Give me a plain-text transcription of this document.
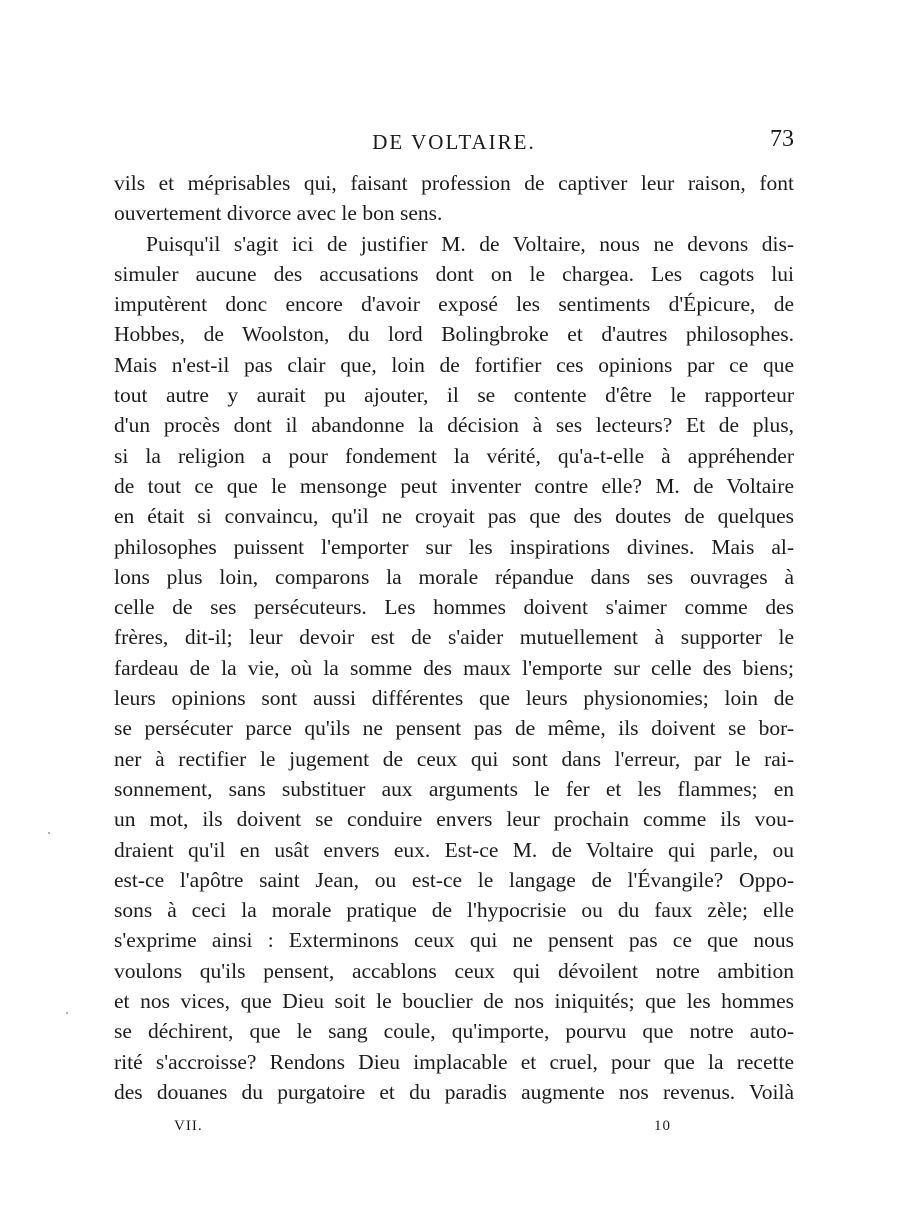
DE VOLTAIRE.	73
vils et méprisables qui, faisant profession de captiver leur raison, font
ouvertement divorce avec le bon sens.
Puisqu'il s'agit ici de justifier M. de Voltaire, nous ne devons dis-
simuler aucune des accusations dont on le chargea. Les cagots lui
imputèrent donc encore d'avoir exposé les sentiments d'Épicure, de
Hobbes, de Woolston, du lord Bolingbroke et d'autres philosophes.
Mais n'est-il pas clair que, loin de fortifier ces opinions par ce que
tout autre y aurait pu ajouter, il se contente d'être le rapporteur
d'un procès dont il abandonne la décision à ses lecteurs? Et de plus,
si la religion a pour fondement la vérité, qu'a-t-elle à appréhender
de tout ce que le mensonge peut inventer contre elle? M. de Voltaire
en était si convaincu, qu'il ne croyait pas que des doutes de quelques
philosophes puissent l'emporter sur les inspirations divines. Mais al-
lons plus loin, comparons la morale répandue dans ses ouvrages à
celle de ses persécuteurs. Les hommes doivent s'aimer comme des
frères, dit-il; leur devoir est de s'aider mutuellement à supporter le
fardeau de la vie, où la somme des maux l'emporte sur celle des biens;
leurs opinions sont aussi différentes que leurs physionomies; loin de
se persécuter parce qu'ils ne pensent pas de même, ils doivent se bor-
ner à rectifier le jugement de ceux qui sont dans l'erreur, par le rai-
sonnement, sans substituer aux arguments le fer et les flammes; en
un mot, ils doivent se conduire envers leur prochain comme ils vou-
draient qu'il en usât envers eux. Est-ce M. de Voltaire qui parle, ou
est-ce l'apôtre saint Jean, ou est-ce le langage de l'Évangile? Oppo-
sons à ceci la morale pratique de l'hypocrisie ou du faux zèle; elle
s'exprime ainsi : Exterminons ceux qui ne pensent pas ce que nous
voulons qu'ils pensent, accablons ceux qui dévoilent notre ambition
et nos vices, que Dieu soit le bouclier de nos iniquités; que les hommes
se déchirent, que le sang coule, qu'importe, pourvu que notre auto-
rité s'accroisse? Rendons Dieu implacable et cruel, pour que la recette
des douanes du purgatoire et du paradis augmente nos revenus. Voilà
VII.	10
